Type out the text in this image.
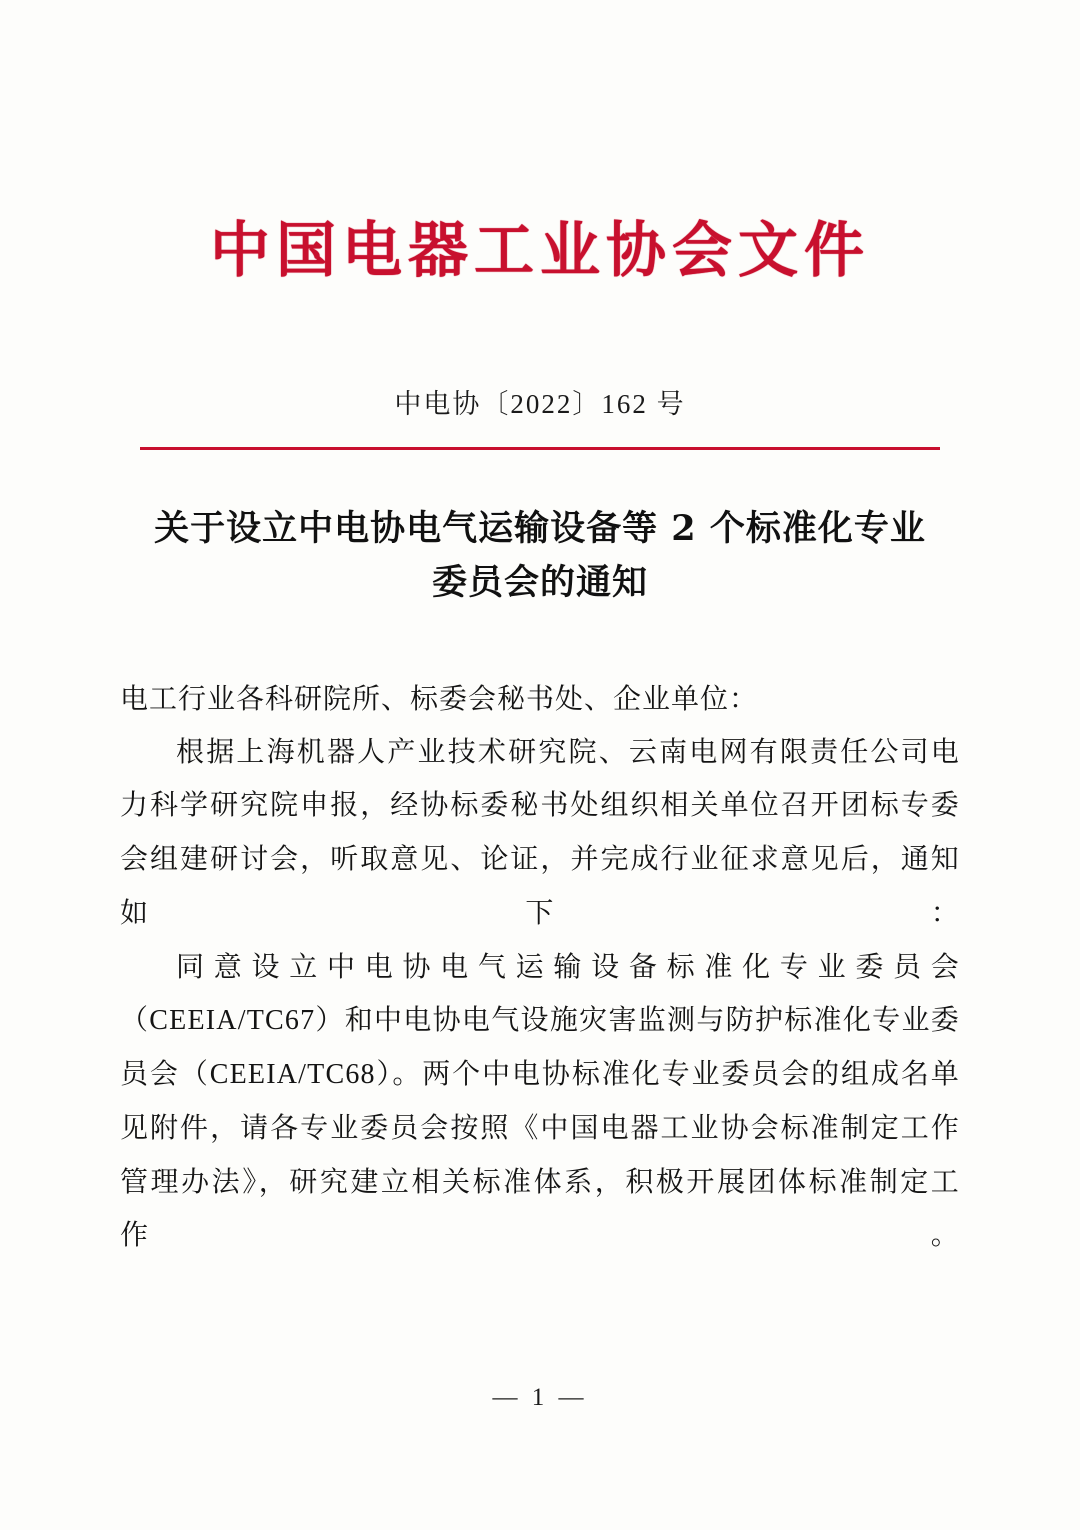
中国电器工业协会文件
中电协〔2022〕162 号
关于设立中电协电气运输设备等 2 个标准化专业委员会的通知
电工行业各科研院所、标委会秘书处、企业单位：

根据上海机器人产业技术研究院、云南电网有限责任公司电力科学研究院申报，经协标委秘书处组织相关单位召开团标专委会组建研讨会，听取意见、论证，并完成行业征求意见后，通知如下：

同意设立中电协电气运输设备标准化专业委员会（CEEIA/TC67）和中电协电气设施灾害监测与防护标准化专业委员会（CEEIA/TC68）。两个中电协标准化专业委员会的组成名单见附件，请各专业委员会按照《中国电器工业协会标准制定工作管理办法》，研究建立相关标准体系，积极开展团体标准制定工作。

— 1 —
